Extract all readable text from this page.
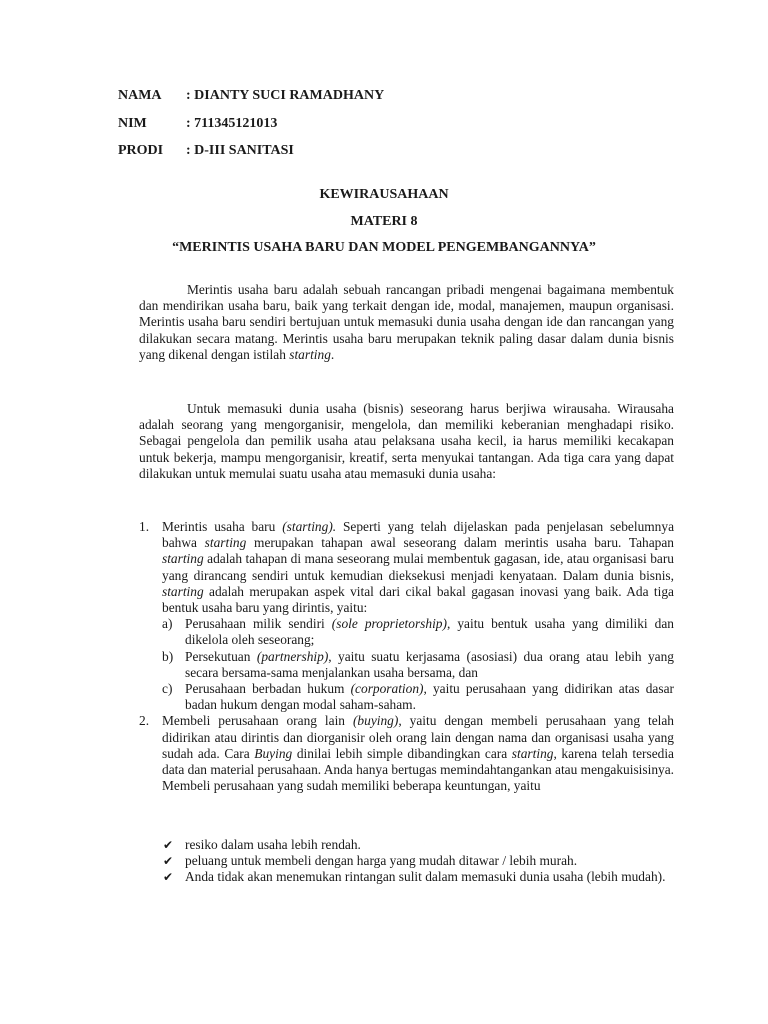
NAMA : DIANTY SUCI RAMADHANY
NIM	: 711345121013
PRODI : D-III SANITASI
KEWIRAUSAHAAN
MATERI 8
“MERINTIS USAHA BARU DAN MODEL PENGEMBANGANNYA”

Merintis usaha baru adalah sebuah rancangan pribadi mengenai bagaimana membentuk dan mendirikan usaha baru, baik yang terkait dengan ide, modal, manajemen, maupun organisasi. Merintis usaha baru sendiri bertujuan untuk memasuki dunia usaha dengan ide dan rancangan yang dilakukan secara matang. Merintis usaha baru merupakan teknik paling dasar dalam dunia bisnis yang dikenal dengan istilah starting.

Untuk memasuki dunia usaha (bisnis) seseorang harus berjiwa wirausaha. Wirausaha adalah seorang yang mengorganisir, mengelola, dan memiliki keberanian menghadapi risiko. Sebagai pengelola dan pemilik usaha atau pelaksana usaha kecil, ia harus memiliki kecakapan untuk bekerja, mampu mengorganisir, kreatif, serta menyukai tantangan. Ada tiga cara yang dapat dilakukan untuk memulai suatu usaha atau memasuki dunia usaha:

1. Merintis usaha baru (starting). Seperti yang telah dijelaskan pada penjelasan sebelumnya bahwa starting merupakan tahapan awal seseorang dalam merintis usaha baru. Tahapan starting adalah tahapan di mana seseorang mulai membentuk gagasan, ide, atau organisasi baru yang dirancang sendiri untuk kemudian dieksekusi menjadi kenyataan. Dalam dunia bisnis, starting adalah merupakan aspek vital dari cikal bakal gagasan inovasi yang baik. Ada tiga bentuk usaha baru yang dirintis, yaitu:
a) Perusahaan milik sendiri (sole proprietorship), yaitu bentuk usaha yang dimiliki dan dikelola oleh seseorang;
b) Persekutuan (partnership), yaitu suatu kerjasama (asosiasi) dua orang atau lebih yang secara bersama-sama menjalankan usaha bersama, dan
c) Perusahaan berbadan hukum (corporation), yaitu perusahaan yang didirikan atas dasar badan hukum dengan modal saham-saham.
2. Membeli perusahaan orang lain (buying), yaitu dengan membeli perusahaan yang telah didirikan atau dirintis dan diorganisir oleh orang lain dengan nama dan organisasi usaha yang sudah ada. Cara Buying dinilai lebih simple dibandingkan cara starting, karena telah tersedia data dan material perusahaan. Anda hanya bertugas memindahtangankan atau mengakuisisinya. Membeli perusahaan yang sudah memiliki beberapa keuntungan, yaitu
✔ resiko dalam usaha lebih rendah.
✔ peluang untuk membeli dengan harga yang mudah ditawar / lebih murah.
✔ Anda tidak akan menemukan rintangan sulit dalam memasuki dunia usaha (lebih mudah).
